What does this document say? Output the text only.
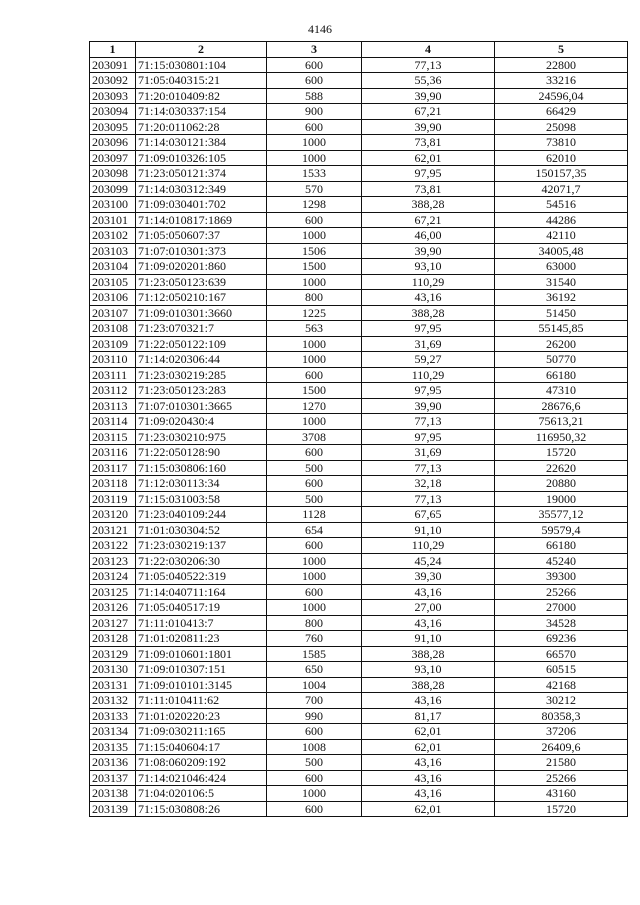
4146
1	2	3	4	5
203091	71:15:030801:104	600	77,13	22800
203092	71:05:040315:21	600	55,36	33216
203093	71:20:010409:82	588	39,90	24596,04
203094	71:14:030337:154	900	67,21	66429
203095	71:20:011062:28	600	39,90	25098
203096	71:14:030121:384	1000	73,81	73810
203097	71:09:010326:105	1000	62,01	62010
203098	71:23:050121:374	1533	97,95	150157,35
203099	71:14:030312:349	570	73,81	42071,7
203100	71:09:030401:702	1298	388,28	54516
203101	71:14:010817:1869	600	67,21	44286
203102	71:05:050607:37	1000	46,00	42110
203103	71:07:010301:373	1506	39,90	34005,48
203104	71:09:020201:860	1500	93,10	63000
203105	71:23:050123:639	1000	110,29	31540
203106	71:12:050210:167	800	43,16	36192
203107	71:09:010301:3660	1225	388,28	51450
203108	71:23:070321:7	563	97,95	55145,85
203109	71:22:050122:109	1000	31,69	26200
203110	71:14:020306:44	1000	59,27	50770
203111	71:23:030219:285	600	110,29	66180
203112	71:23:050123:283	1500	97,95	47310
203113	71:07:010301:3665	1270	39,90	28676,6
203114	71:09:020430:4	1000	77,13	75613,21
203115	71:23:030210:975	3708	97,95	116950,32
203116	71:22:050128:90	600	31,69	15720
203117	71:15:030806:160	500	77,13	22620
203118	71:12:030113:34	600	32,18	20880
203119	71:15:031003:58	500	77,13	19000
203120	71:23:040109:244	1128	67,65	35577,12
203121	71:01:030304:52	654	91,10	59579,4
203122	71:23:030219:137	600	110,29	66180
203123	71:22:030206:30	1000	45,24	45240
203124	71:05:040522:319	1000	39,30	39300
203125	71:14:040711:164	600	43,16	25266
203126	71:05:040517:19	1000	27,00	27000
203127	71:11:010413:7	800	43,16	34528
203128	71:01:020811:23	760	91,10	69236
203129	71:09:010601:1801	1585	388,28	66570
203130	71:09:010307:151	650	93,10	60515
203131	71:09:010101:3145	1004	388,28	42168
203132	71:11:010411:62	700	43,16	30212
203133	71:01:020220:23	990	81,17	80358,3
203134	71:09:030211:165	600	62,01	37206
203135	71:15:040604:17	1008	62,01	26409,6
203136	71:08:060209:192	500	43,16	21580
203137	71:14:021046:424	600	43,16	25266
203138	71:04:020106:5	1000	43,16	43160
203139	71:15:030808:26	600	62,01	15720
